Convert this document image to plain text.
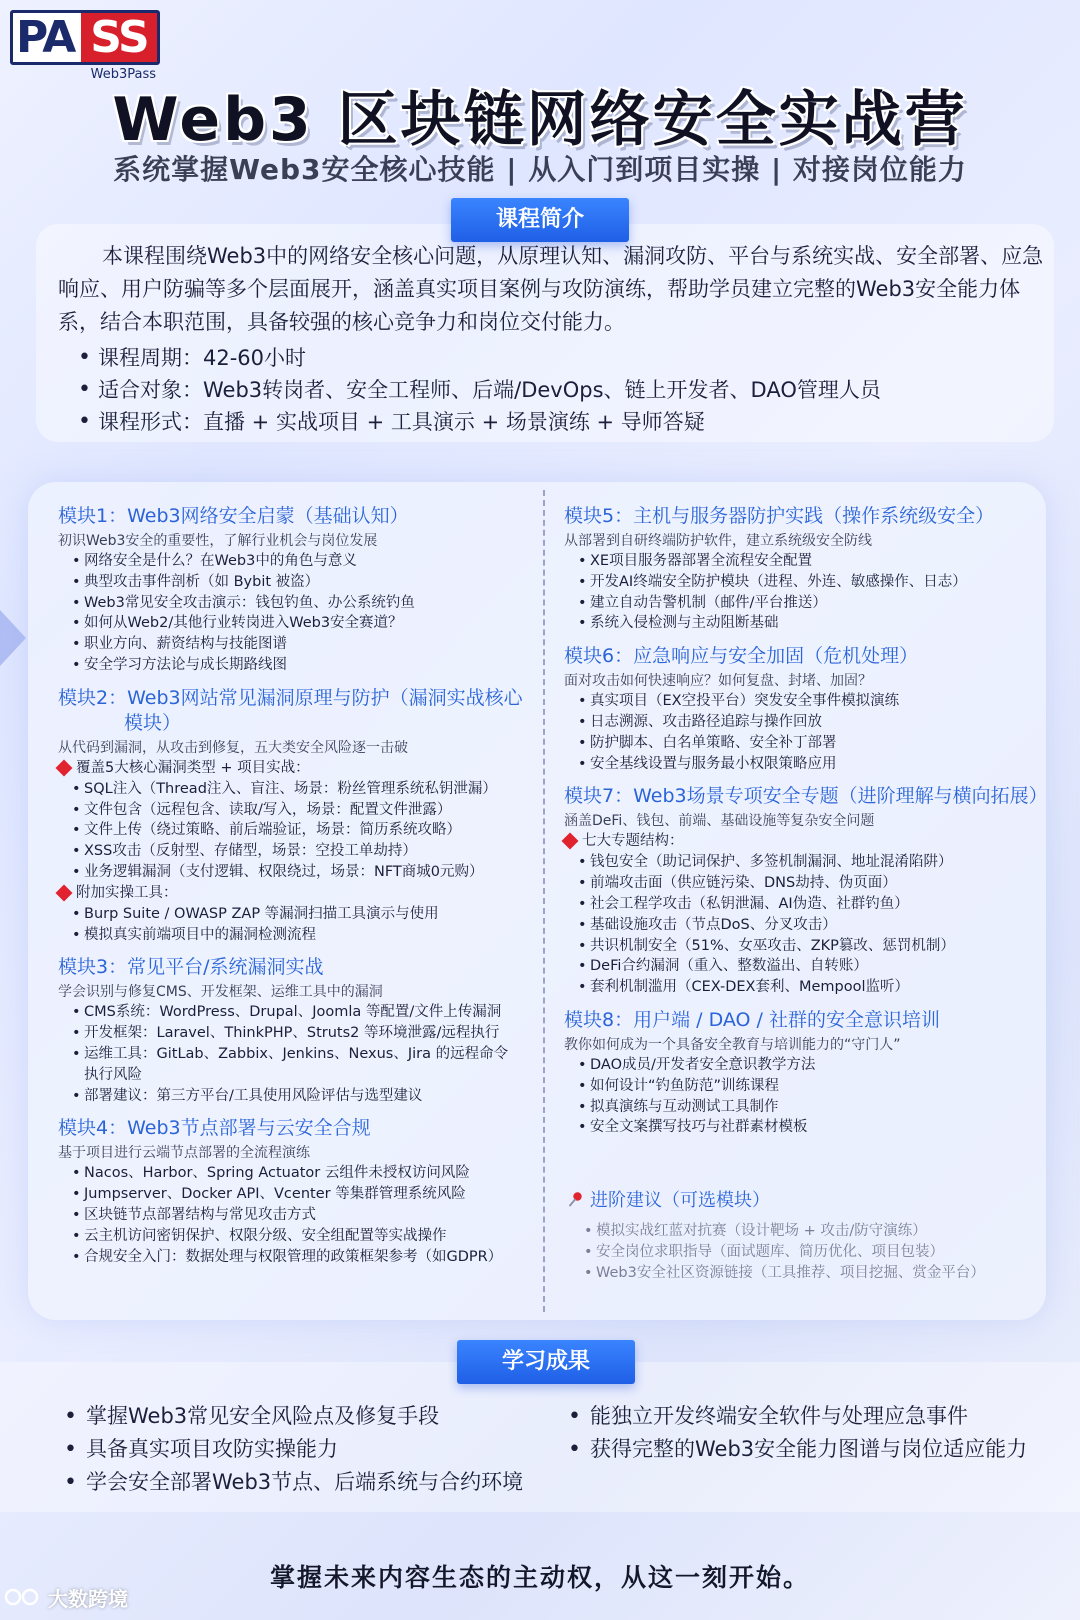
PA SS
Web3Pass
Web3 区块链网络安全实战营
系统掌握Web3安全核心技能 | 从入门到项目实操 | 对接岗位能力
课程简介
本课程围绕Web3中的网络安全核心问题，从原理认知、漏洞攻防、平台与系统实战、安全部署、应急响应、用户防骗等多个层面展开，涵盖真实项目案例与攻防演练，帮助学员建立完整的Web3安全能力体系，结合本职范围，具备较强的核心竞争力和岗位交付能力。
• 课程周期：42-60小时
• 适合对象：Web3转岗者、安全工程师、后端/DevOps、链上开发者、DAO管理人员
• 课程形式：直播 + 实战项目 + 工具演示 + 场景演练 + 导师答疑
模块1：Web3网络安全启蒙（基础认知）
初识Web3安全的重要性，了解行业机会与岗位发展
• 网络安全是什么？在Web3中的角色与意义
• 典型攻击事件剖析（如 Bybit 被盗）
• Web3常见安全攻击演示：钱包钓鱼、办公系统钓鱼
• 如何从Web2/其他行业转岗进入Web3安全赛道？
• 职业方向、薪资结构与技能图谱
• 安全学习方法论与成长期路线图
模块2：Web3网站常见漏洞原理与防护（漏洞实战核心
模块）
从代码到漏洞，从攻击到修复，五大类安全风险逐一击破
覆盖5大核心漏洞类型 + 项目实战：
• SQL注入（Thread注入、盲注、场景：粉丝管理系统私钥泄漏）
• 文件包含（远程包含、读取/写入，场景：配置文件泄露）
• 文件上传（绕过策略、前后端验证，场景：简历系统攻略）
• XSS攻击（反射型、存储型，场景：空投工单劫持）
• 业务逻辑漏洞（支付逻辑、权限绕过，场景：NFT商城0元购）
附加实操工具：
• Burp Suite / OWASP ZAP 等漏洞扫描工具演示与使用
• 模拟真实前端项目中的漏洞检测流程
模块3：常见平台/系统漏洞实战
学会识别与修复CMS、开发框架、运维工具中的漏洞
• CMS系统：WordPress、Drupal、Joomla 等配置/文件上传漏洞
• 开发框架：Laravel、ThinkPHP、Struts2 等环境泄露/远程执行
• 运维工具：GitLab、Zabbix、Jenkins、Nexus、Jira 的远程命令
执行风险
• 部署建议：第三方平台/工具使用风险评估与选型建议
模块4：Web3节点部署与云安全合规
基于项目进行云端节点部署的全流程演练
• Nacos、Harbor、Spring Actuator 云组件未授权访问风险
• Jumpserver、Docker API、Vcenter 等集群管理系统风险
• 区块链节点部署结构与常见攻击方式
• 云主机访问密钥保护、权限分级、安全组配置等实战操作
• 合规安全入门：数据处理与权限管理的政策框架参考（如GDPR）
模块5：主机与服务器防护实践（操作系统级安全）
从部署到自研终端防护软件，建立系统级安全防线
• XE项目服务器部署全流程安全配置
• 开发AI终端安全防护模块（进程、外连、敏感操作、日志）
• 建立自动告警机制（邮件/平台推送）
• 系统入侵检测与主动阻断基础
模块6：应急响应与安全加固（危机处理）
面对攻击如何快速响应？如何复盘、封堵、加固？
• 真实项目（EX空投平台）突发安全事件模拟演练
• 日志溯源、攻击路径追踪与操作回放
• 防护脚本、白名单策略、安全补丁部署
• 安全基线设置与服务最小权限策略应用
模块7：Web3场景专项安全专题（进阶理解与横向拓展）
涵盖DeFi、钱包、前端、基础设施等复杂安全问题
七大专题结构：
• 钱包安全（助记词保护、多签机制漏洞、地址混淆陷阱）
• 前端攻击面（供应链污染、DNS劫持、伪页面）
• 社会工程学攻击（私钥泄漏、AI伪造、社群钓鱼）
• 基础设施攻击（节点DoS、分叉攻击）
• 共识机制安全（51%、女巫攻击、ZKP篡改、惩罚机制）
• DeFi合约漏洞（重入、整数溢出、自转账）
• 套利机制滥用（CEX-DEX套利、Mempool监听）
模块8：用户端 / DAO / 社群的安全意识培训
教你如何成为一个具备安全教育与培训能力的“守门人”
• DAO成员/开发者安全意识教学方法
• 如何设计“钓鱼防范”训练课程
• 拟真演练与互动测试工具制作
• 安全文案撰写技巧与社群素材模板
进阶建议（可选模块）
• 模拟实战红蓝对抗赛（设计靶场 + 攻击/防守演练）
• 安全岗位求职指导（面试题库、简历优化、项目包装）
• Web3安全社区资源链接（工具推荐、项目挖掘、赏金平台）
学习成果
• 掌握Web3常见安全风险点及修复手段
• 具备真实项目攻防实操能力
• 学会安全部署Web3节点、后端系统与合约环境
• 能独立开发终端安全软件与处理应急事件
• 获得完整的Web3安全能力图谱与岗位适应能力
掌握未来内容生态的主动权，从这一刻开始。
大数跨境
